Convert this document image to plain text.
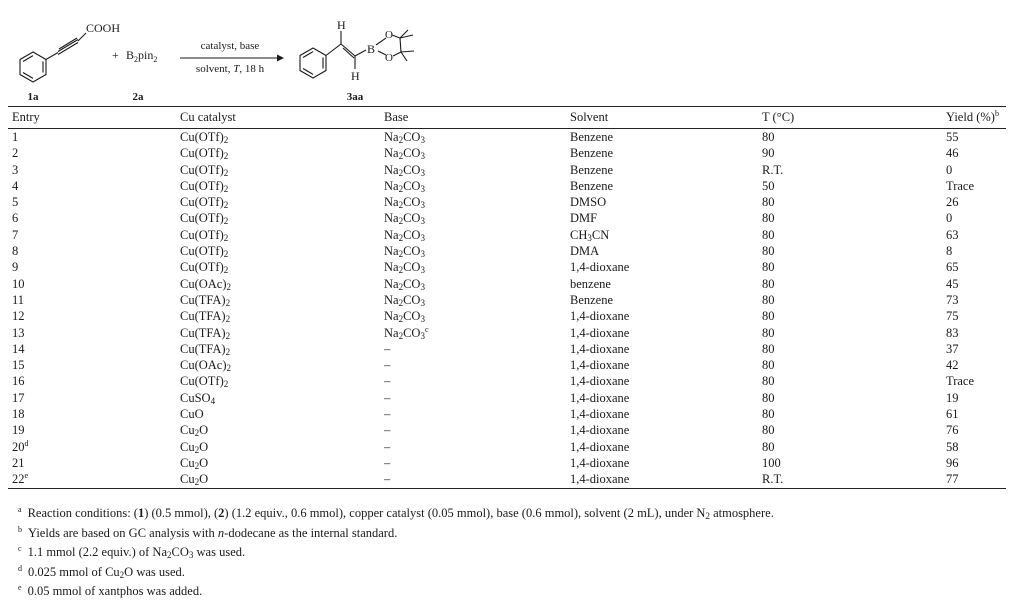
COOH
1a
+ $B_2pin_2$
2a
catalyst, base
solvent, T, 18 h
H
H
B
O
O
3aa
Entry	Cu catalyst	Base	Solvent	T (°C)	Yield (%)$^b$
1	$Cu(OTf)_2$	$Na_2CO_3$	Benzene	80	55
2	$Cu(OTf)_2$	$Na_2CO_3$	Benzene	90	46
3	$Cu(OTf)_2$	$Na_2CO_3$	Benzene	R.T.	0
4	$Cu(OTf)_2$	$Na_2CO_3$	Benzene	50	Trace
5	$Cu(OTf)_2$	$Na_2CO_3$	DMSO	80	26
6	$Cu(OTf)_2$	$Na_2CO_3$	DMF	80	0
7	$Cu(OTf)_2$	$Na_2CO_3$	$CH_3CN$	80	63
8	$Cu(OTf)_2$	$Na_2CO_3$	DMA	80	8
9	$Cu(OTf)_2$	$Na_2CO_3$	1,4-dioxane	80	65
10	$Cu(OAc)_2$	$Na_2CO_3$	benzene	80	45
11	$Cu(TFA)_2$	$Na_2CO_3$	Benzene	80	73
12	$Cu(TFA)_2$	$Na_2CO_3$	1,4-dioxane	80	75
13	$Cu(TFA)_2$	$Na_2CO_3^c$	1,4-dioxane	80	83
14	$Cu(TFA)_2$	–	1,4-dioxane	80	37
15	$Cu(OAc)_2$	–	1,4-dioxane	80	42
16	$Cu(OTf)_2$	–	1,4-dioxane	80	Trace
17	CuSO$_4$	–	1,4-dioxane	80	19
18	CuO	–	1,4-dioxane	80	61
19	$Cu_2O$	–	1,4-dioxane	80	76
20$^d$	$Cu_2O$	–	1,4-dioxane	80	58
21	$Cu_2O$	–	1,4-dioxane	100	96
22e	$Cu_2O$	–	1,4-dioxane	R.T.	77
$^a$ Reaction conditions: (1) (0.5 mmol), (2) (1.2 equiv., 0.6 mmol), copper catalyst (0.05 mmol), base (0.6 mmol), solvent (2 mL), under $N_2$ atmosphere.
$^b$ Yields are based on GC analysis with n-dodecane as the internal standard.
$^c$ 1.1 mmol (2.2 equiv.) of $Na_2CO_3$ was used.
$^d$ 0.025 mmol of $Cu_2O$ was used.
$^e$ 0.05 mmol of xantphos was added.
